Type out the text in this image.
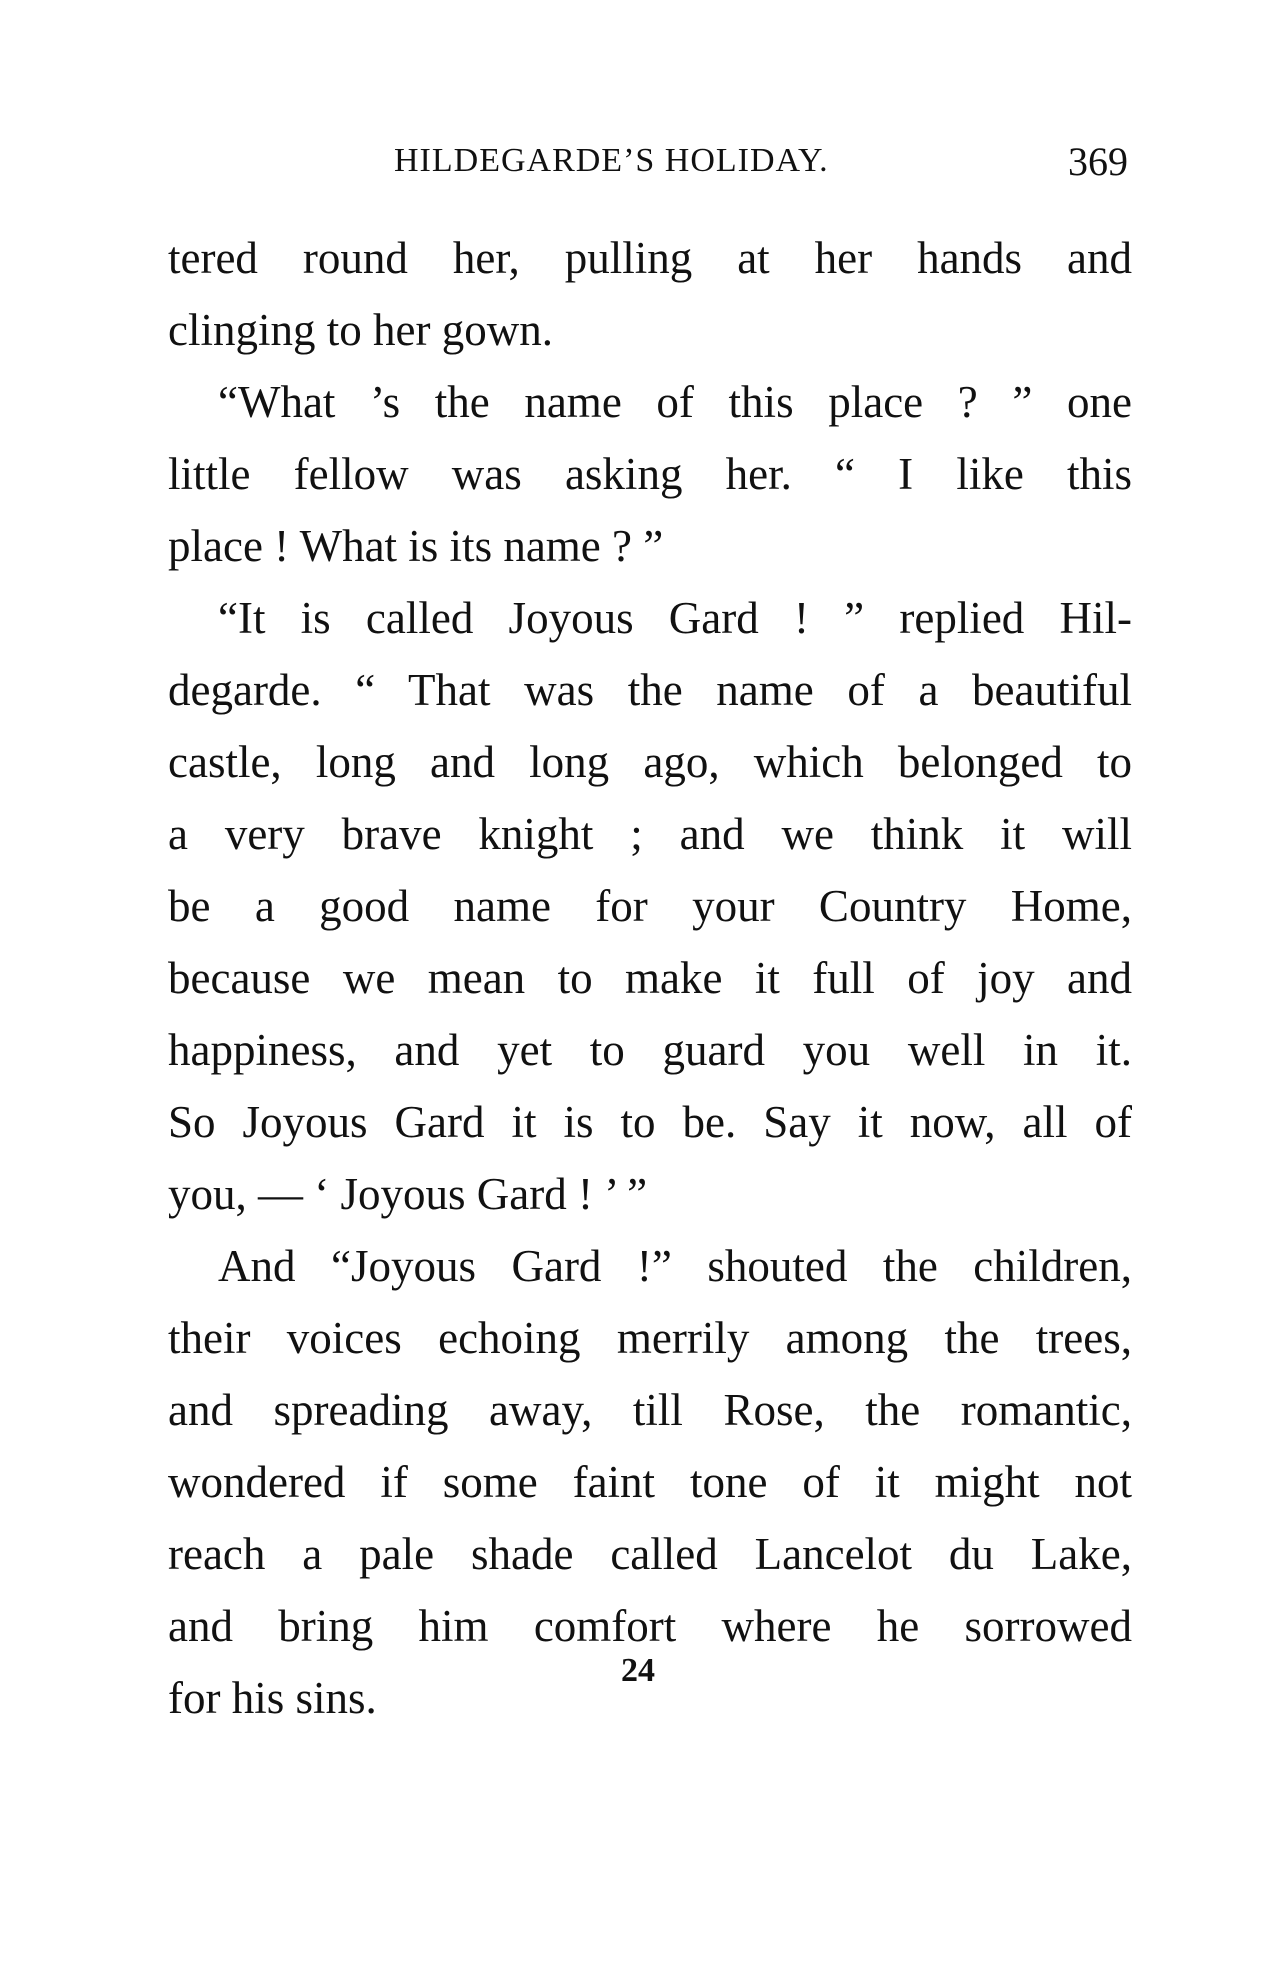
HILDEGARDE’S HOLIDAY.	369
tered round her, pulling at her hands and
clinging to her gown.
“What ’s the name of this place ? ” one
little fellow was asking her. “ I like this
place ! What is its name ? ”
“It is called Joyous Gard ! ” replied Hil-
degarde. “ That was the name of a beautiful
castle, long and long ago, which belonged to
a very brave knight ; and we think it will
be a good name for your Country Home,
because we mean to make it full of joy and
happiness, and yet to guard you well in it.
So Joyous Gard it is to be. Say it now, all of
you, — ‘ Joyous Gard ! ’ ”
And “Joyous Gard !” shouted the children,
their voices echoing merrily among the trees,
and spreading away, till Rose, the romantic,
wondered if some faint tone of it might not
reach a pale shade called Lancelot du Lake,
and bring him comfort where he sorrowed
for his sins.
24
